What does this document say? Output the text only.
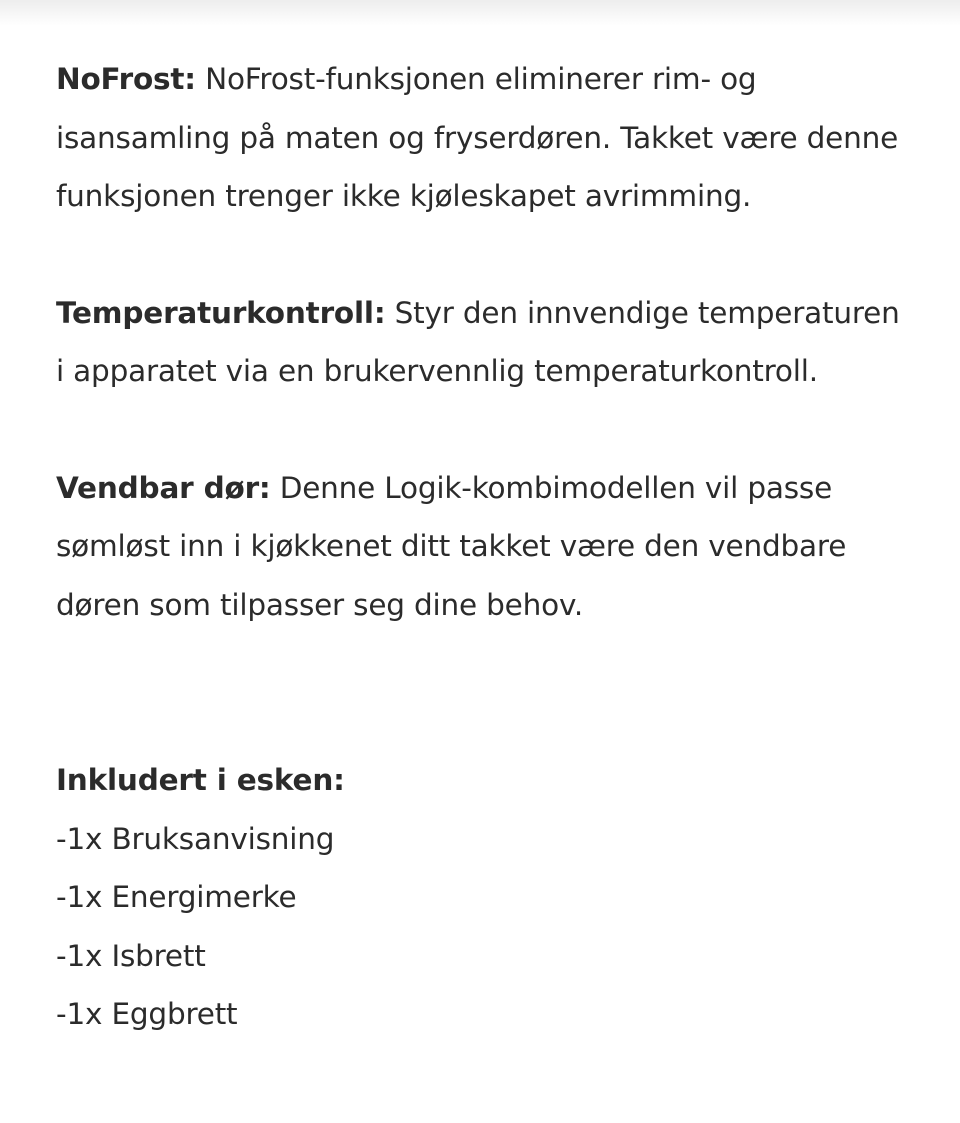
NoFrost: NoFrost-funksjonen eliminerer rim- og isansamling på maten og fryserdøren. Takket være denne funksjonen trenger ikke kjøleskapet avrimming.

Temperaturkontroll: Styr den innvendige temperaturen i apparatet via en brukervennlig temperaturkontroll.

Vendbar dør: Denne Logik-kombimodellen vil passe sømløst inn i kjøkkenet ditt takket være den vendbare døren som tilpasser seg dine behov.

Inkludert i esken:
-1x Bruksanvisning
-1x Energimerke
-1x Isbrett
-1x Eggbrett
